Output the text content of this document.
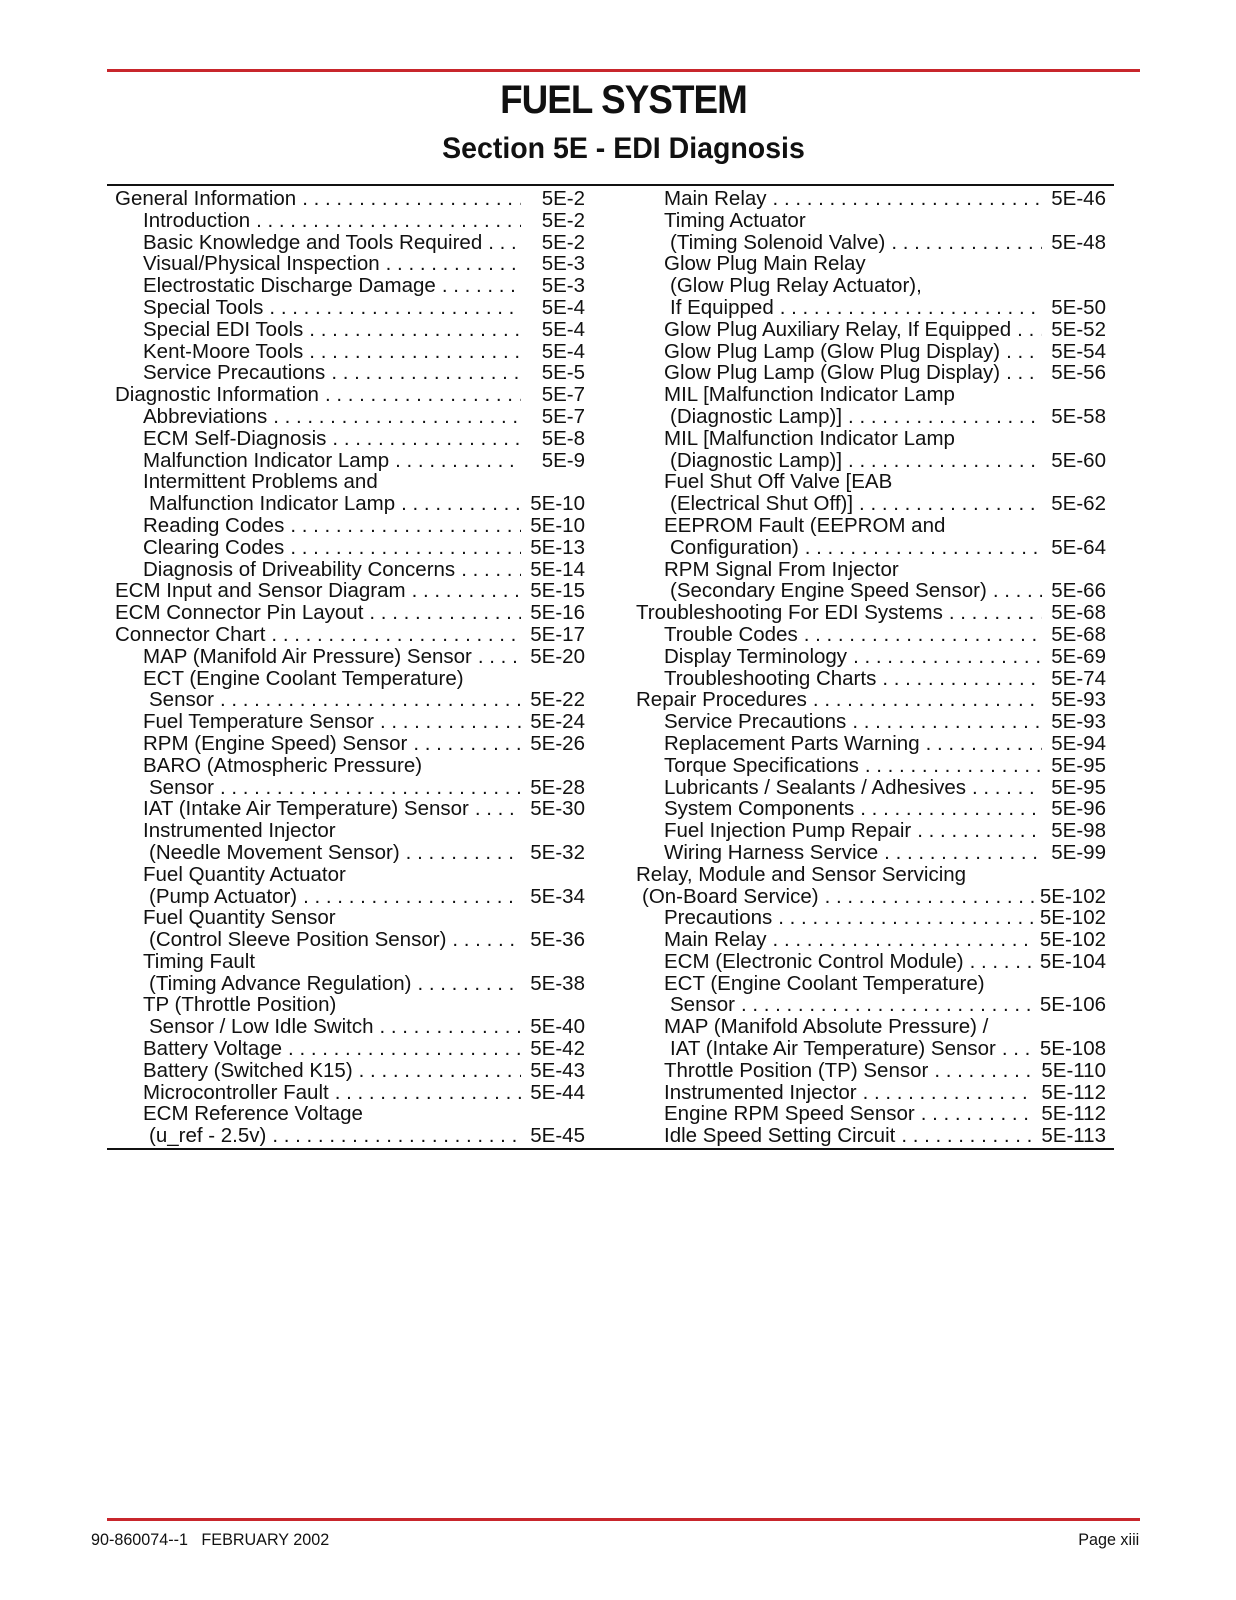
FUEL SYSTEM
Section 5E - EDI Diagnosis
General Information . . .	5E-2
Introduction . . .	5E-2
Basic Knowledge and Tools Required . . .	5E-2
Visual/Physical Inspection . . .	5E-3
Electrostatic Discharge Damage . . .	5E-3
Special Tools . . .	5E-4
Special EDI Tools . . .	5E-4
Kent-Moore Tools . . .	5E-4
Service Precautions . . .	5E-5
Diagnostic Information . . .	5E-7
Abbreviations . . .	5E-7
ECM Self-Diagnosis . . .	5E-8
Malfunction Indicator Lamp . . .	5E-9
Intermittent Problems and
Malfunction Indicator Lamp . . .	5E-10
Reading Codes . . .	5E-10
Clearing Codes . . .	5E-13
Diagnosis of Driveability Concerns . . .	5E-14
ECM Input and Sensor Diagram . . .	5E-15
ECM Connector Pin Layout . . .	5E-16
Connector Chart . . .	5E-17
MAP (Manifold Air Pressure) Sensor . . .	5E-20
ECT (Engine Coolant Temperature)
Sensor . . .	5E-22
Fuel Temperature Sensor . . .	5E-24
RPM (Engine Speed) Sensor . . .	5E-26
BARO (Atmospheric Pressure)
Sensor . . .	5E-28
IAT (Intake Air Temperature) Sensor . . .	5E-30
Instrumented Injector
(Needle Movement Sensor) . . .	5E-32
Fuel Quantity Actuator
(Pump Actuator) . . .	5E-34
Fuel Quantity Sensor
(Control Sleeve Position Sensor) . . .	5E-36
Timing Fault
(Timing Advance Regulation) . . .	5E-38
TP (Throttle Position)
Sensor / Low Idle Switch . . .	5E-40
Battery Voltage . . .	5E-42
Battery (Switched K15) . . .	5E-43
Microcontroller Fault . . .	5E-44
ECM Reference Voltage
(u_ref - 2.5v) . . .	5E-45
Main Relay . . .	5E-46
Timing Actuator
(Timing Solenoid Valve) . . .	5E-48
Glow Plug Main Relay
(Glow Plug Relay Actuator),
If Equipped . . .	5E-50
Glow Plug Auxiliary Relay, If Equipped . . . 5E-52
Glow Plug Lamp (Glow Plug Display) . . . 5E-54
Glow Plug Lamp (Glow Plug Display) . . . 5E-56
MIL [Malfunction Indicator Lamp
(Diagnostic Lamp)] . . .	5E-58
MIL [Malfunction Indicator Lamp
(Diagnostic Lamp)] . . .	5E-60
Fuel Shut Off Valve [EAB
(Electrical Shut Off)] . . .	5E-62
EEPROM Fault (EEPROM and
Configuration) . . .	5E-64
RPM Signal From Injector
(Secondary Engine Speed Sensor) . . .	5E-66
Troubleshooting For EDI Systems . . .	5E-68
Trouble Codes . . .	5E-68
Display Terminology . . .	5E-69
Troubleshooting Charts . . .	5E-74
Repair Procedures . . .	5E-93
Service Precautions . . .	5E-93
Replacement Parts Warning . . .	5E-94
Torque Specifications . . .	5E-95
Lubricants / Sealants / Adhesives . . .	5E-95
System Components . . .	5E-96
Fuel Injection Pump Repair . . .	5E-98
Wiring Harness Service . . .	5E-99
Relay, Module and Sensor Servicing
(On-Board Service) . . .	5E-102
Precautions . . .	5E-102
Main Relay . . .	5E-102
ECM (Electronic Control Module) . . .	5E-104
ECT (Engine Coolant Temperature)
Sensor . . .	5E-106
MAP (Manifold Absolute Pressure) /
IAT (Intake Air Temperature) Sensor . . . 5E-108
Throttle Position (TP) Sensor . . .	5E-110
Instrumented Injector . . .	5E-112
Engine RPM Speed Sensor . . .	5E-112
Idle Speed Setting Circuit . . .	5E-113
90-860074--1   FEBRUARY 2002	Page xiii
